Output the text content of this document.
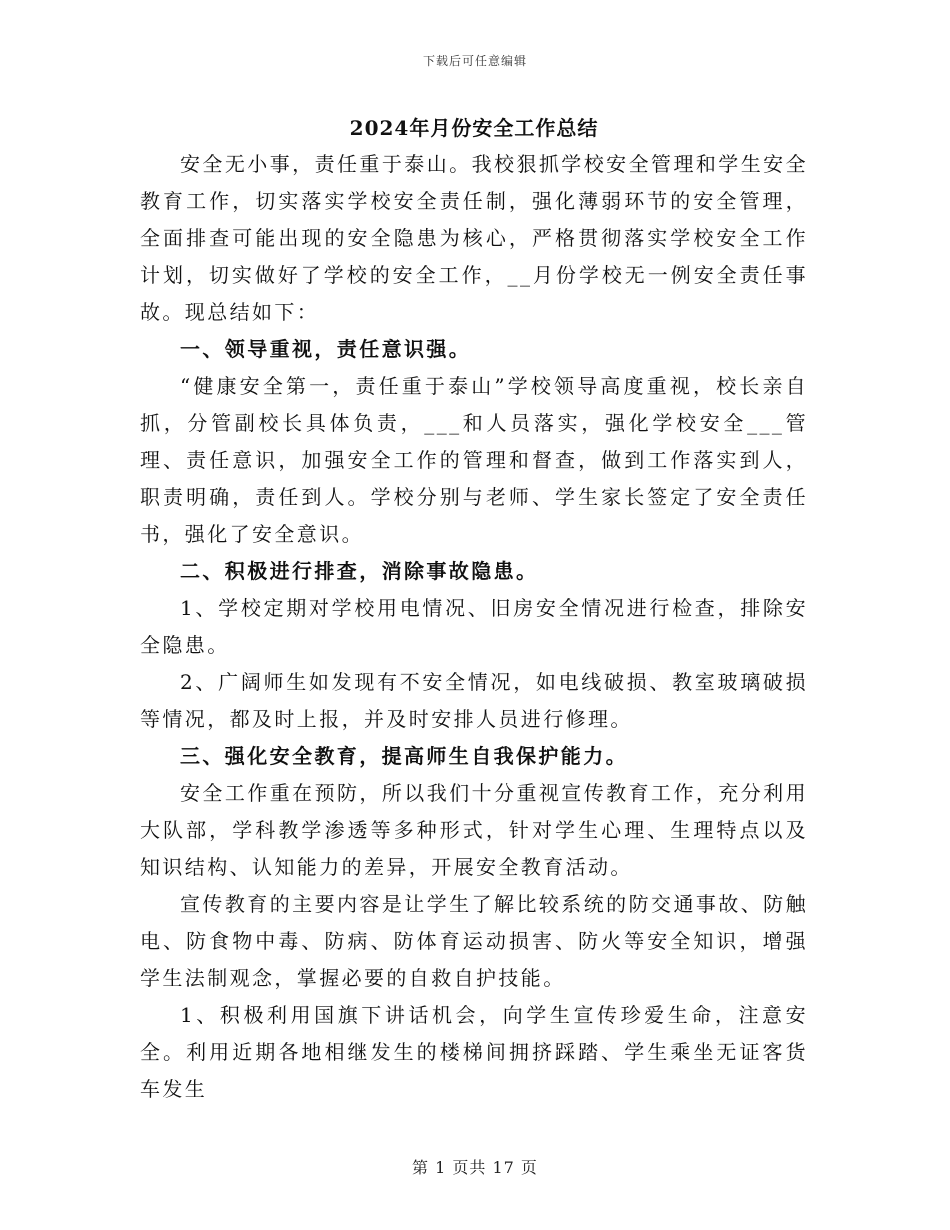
下载后可任意编辑
2024年月份安全工作总结

安全无小事，责任重于泰山。我校狠抓学校安全管理和学生安全教育工作，切实落实学校安全责任制，强化薄弱环节的安全管理，全面排查可能出现的安全隐患为核心，严格贯彻落实学校安全工作计划，切实做好了学校的安全工作，__月份学校无一例安全责任事故。现总结如下：

一、领导重视，责任意识强。

“健康安全第一，责任重于泰山”学校领导高度重视，校长亲自抓，分管副校长具体负责，___和人员落实，强化学校安全___管理、责任意识，加强安全工作的管理和督查，做到工作落实到人，职责明确，责任到人。学校分别与老师、学生家长签定了安全责任书，强化了安全意识。

二、积极进行排查，消除事故隐患。

1、学校定期对学校用电情况、旧房安全情况进行检查，排除安全隐患。

2、广阔师生如发现有不安全情况，如电线破损、教室玻璃破损等情况，都及时上报，并及时安排人员进行修理。

三、强化安全教育，提高师生自我保护能力。

安全工作重在预防，所以我们十分重视宣传教育工作，充分利用大队部，学科教学渗透等多种形式，针对学生心理、生理特点以及知识结构、认知能力的差异，开展安全教育活动。

宣传教育的主要内容是让学生了解比较系统的防交通事故、防触电、防食物中毒、防病、防体育运动损害、防火等安全知识，增强学生法制观念，掌握必要的自救自护技能。

1、积极利用国旗下讲话机会，向学生宣传珍爱生命，注意安全。利用近期各地相继发生的楼梯间拥挤踩踏、学生乘坐无证客货车发生

第 1 页共 17 页
